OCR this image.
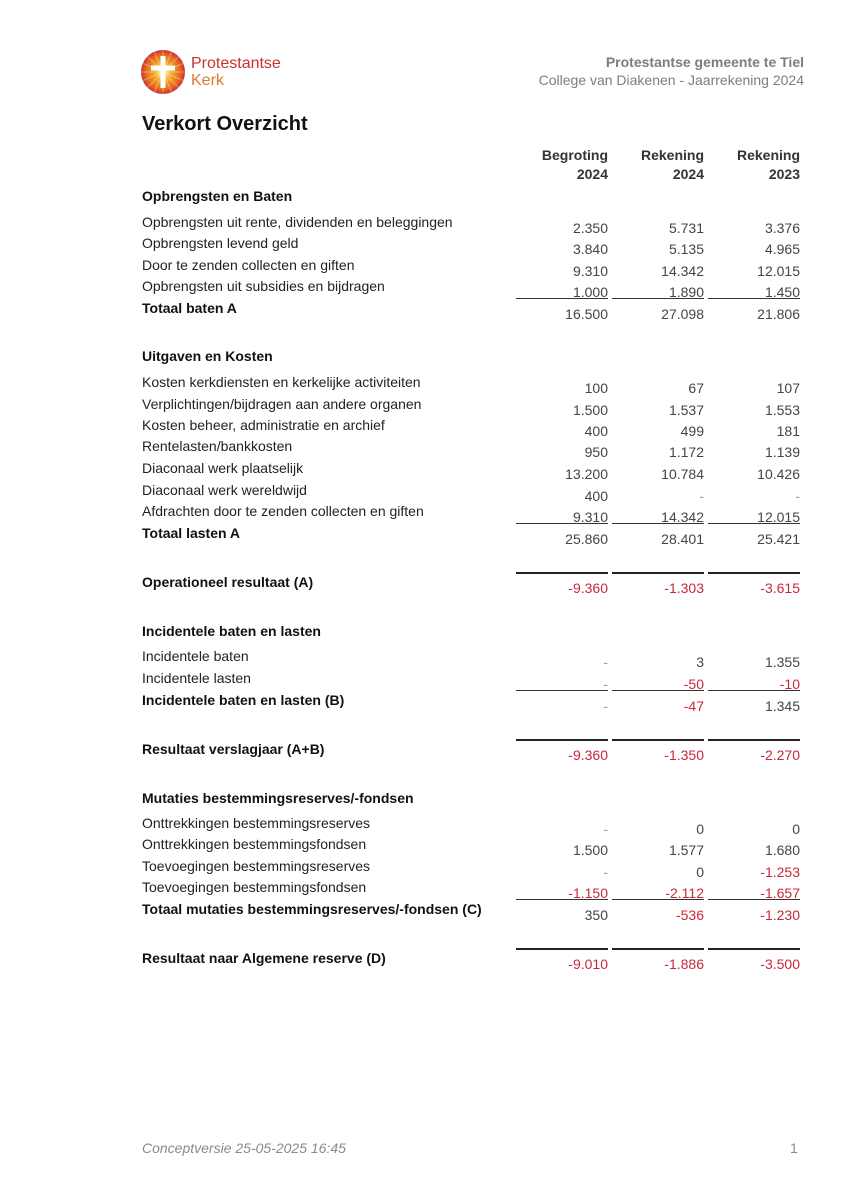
Protestantse
Kerk
Protestantse gemeente te Tiel
College van Diakenen - Jaarrekening 2024
Verkort Overzicht
Begroting
2024
Rekening
2024
Rekening
2023
Opbrengsten en Baten
Opbrengsten uit rente, dividenden en beleggingen	2.350	5.731	3.376
Opbrengsten levend geld	3.840	5.135	4.965
Door te zenden collecten en giften	9.310	14.342	12.015
Opbrengsten uit subsidies en bijdragen	1.000	1.890	1.450
Totaal baten A	16.500	27.098	21.806
Uitgaven en Kosten
Kosten kerkdiensten en kerkelijke activiteiten	100	67	107
Verplichtingen/bijdragen aan andere organen	1.500	1.537	1.553
Kosten beheer, administratie en archief	400	499	181
Rentelasten/bankkosten	950	1.172	1.139
Diaconaal werk plaatselijk	13.200	10.784	10.426
Diaconaal werk wereldwijd	400	-	-
Afdrachten door te zenden collecten en giften	9.310	14.342	12.015
Totaal lasten A	25.860	28.401	25.421
Operationeel resultaat (A)	-9.360	-1.303	-3.615
Incidentele baten en lasten
Incidentele baten	-	3	1.355
Incidentele lasten	-	-50	-10
Incidentele baten en lasten (B)	-	-47	1.345
Resultaat verslagjaar (A+B)	-9.360	-1.350	-2.270
Mutaties bestemmingsreserves/-fondsen
Onttrekkingen bestemmingsreserves	-	0	0
Onttrekkingen bestemmingsfondsen	1.500	1.577	1.680
Toevoegingen bestemmingsreserves	-	0	-1.253
Toevoegingen bestemmingsfondsen	-1.150	-2.112	-1.657
Totaal mutaties bestemmingsreserves/-fondsen (C)	350	-536	-1.230
Resultaat naar Algemene reserve (D)	-9.010	-1.886	-3.500
Conceptversie 25-05-2025 16:45	1
